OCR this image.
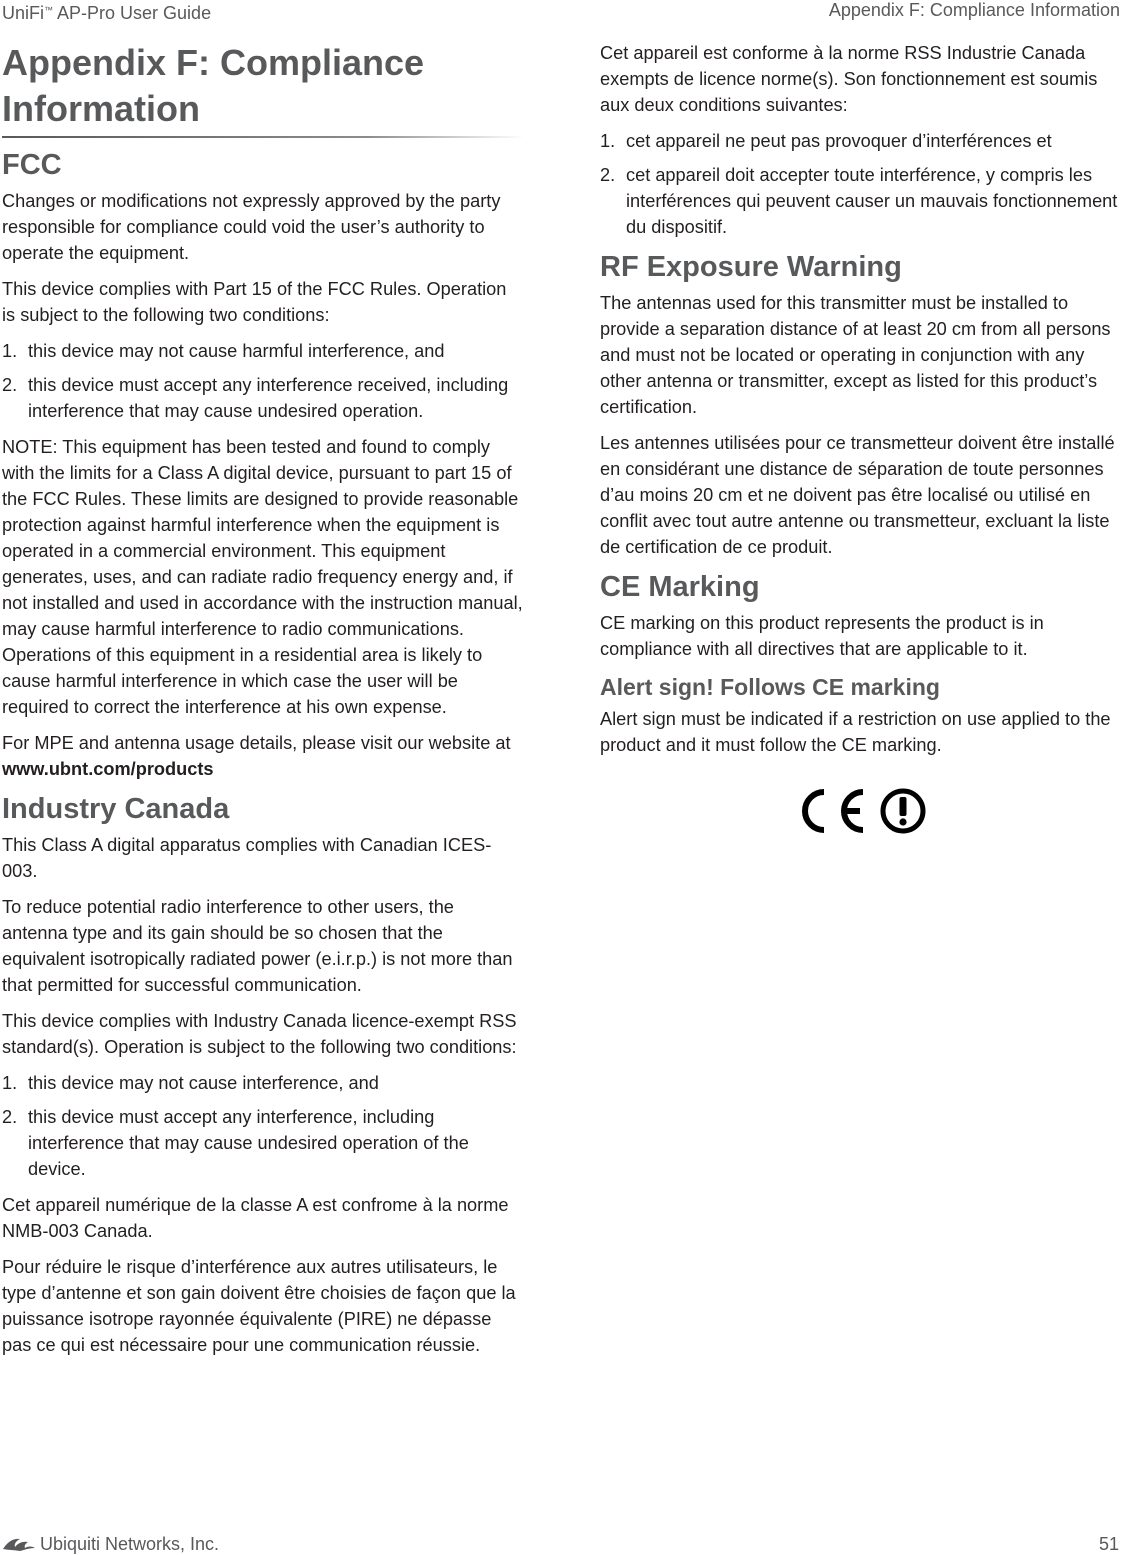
UniFi™ AP-Pro User Guide	Appendix F: Compliance Information
Appendix F: Compliance Information
FCC

Changes or modifications not expressly approved by the party responsible for compliance could void the user’s authority to operate the equipment.

This device complies with Part 15 of the FCC Rules. Operation is subject to the following two conditions:

1. this device may not cause harmful interference, and
2. this device must accept any interference received, including interference that may cause undesired operation.

NOTE: This equipment has been tested and found to comply with the limits for a Class A digital device, pursuant to part 15 of the FCC Rules. These limits are designed to provide reasonable protection against harmful interference when the equipment is operated in a commercial environment. This equipment generates, uses, and can radiate radio frequency energy and, if not installed and used in accordance with the instruction manual, may cause harmful interference to radio communications. Operations of this equipment in a residential area is likely to cause harmful interference in which case the user will be required to correct the interference at his own expense.

For MPE and antenna usage details, please visit our website at www.ubnt.com/products

Industry Canada

This Class A digital apparatus complies with Canadian ICES-003.

To reduce potential radio interference to other users, the antenna type and its gain should be so chosen that the equivalent isotropically radiated power (e.i.r.p.) is not more than that permitted for successful communication.

This device complies with Industry Canada licence-exempt RSS standard(s). Operation is subject to the following two conditions:

1. this device may not cause interference, and
2. this device must accept any interference, including interference that may cause undesired operation of the device.

Cet appareil numérique de la classe A est confrome à la norme NMB-003 Canada.

Pour réduire le risque d’interférence aux autres utilisateurs, le type d’antenne et son gain doivent être choisies de façon que la puissance isotrope rayonnée équivalente (PIRE) ne dépasse pas ce qui est nécessaire pour une communication réussie.

Cet appareil est conforme à la norme RSS Industrie Canada exempts de licence norme(s). Son fonctionnement est soumis aux deux conditions suivantes:

1. cet appareil ne peut pas provoquer d’interférences et
2. cet appareil doit accepter toute interférence, y compris les interférences qui peuvent causer un mauvais fonctionnement du dispositif.
RF Exposure Warning

The antennas used for this transmitter must be installed to provide a separation distance of at least 20 cm from all persons and must not be located or operating in conjunction with any other antenna or transmitter, except as listed for this product’s certification.

Les antennes utilisées pour ce transmetteur doivent être installé en considérant une distance de séparation de toute personnes d’au moins 20 cm et ne doivent pas être localisé ou utilisé en conflit avec tout autre antenne ou transmetteur, excluant la liste de certification de ce produit.

CE Marking

CE marking on this product represents the product is in compliance with all directives that are applicable to it.

Alert sign! Follows CE marking

Alert sign must be indicated if a restriction on use applied to the product and it must follow the CE marking.

Ubiquiti Networks, Inc.	51
